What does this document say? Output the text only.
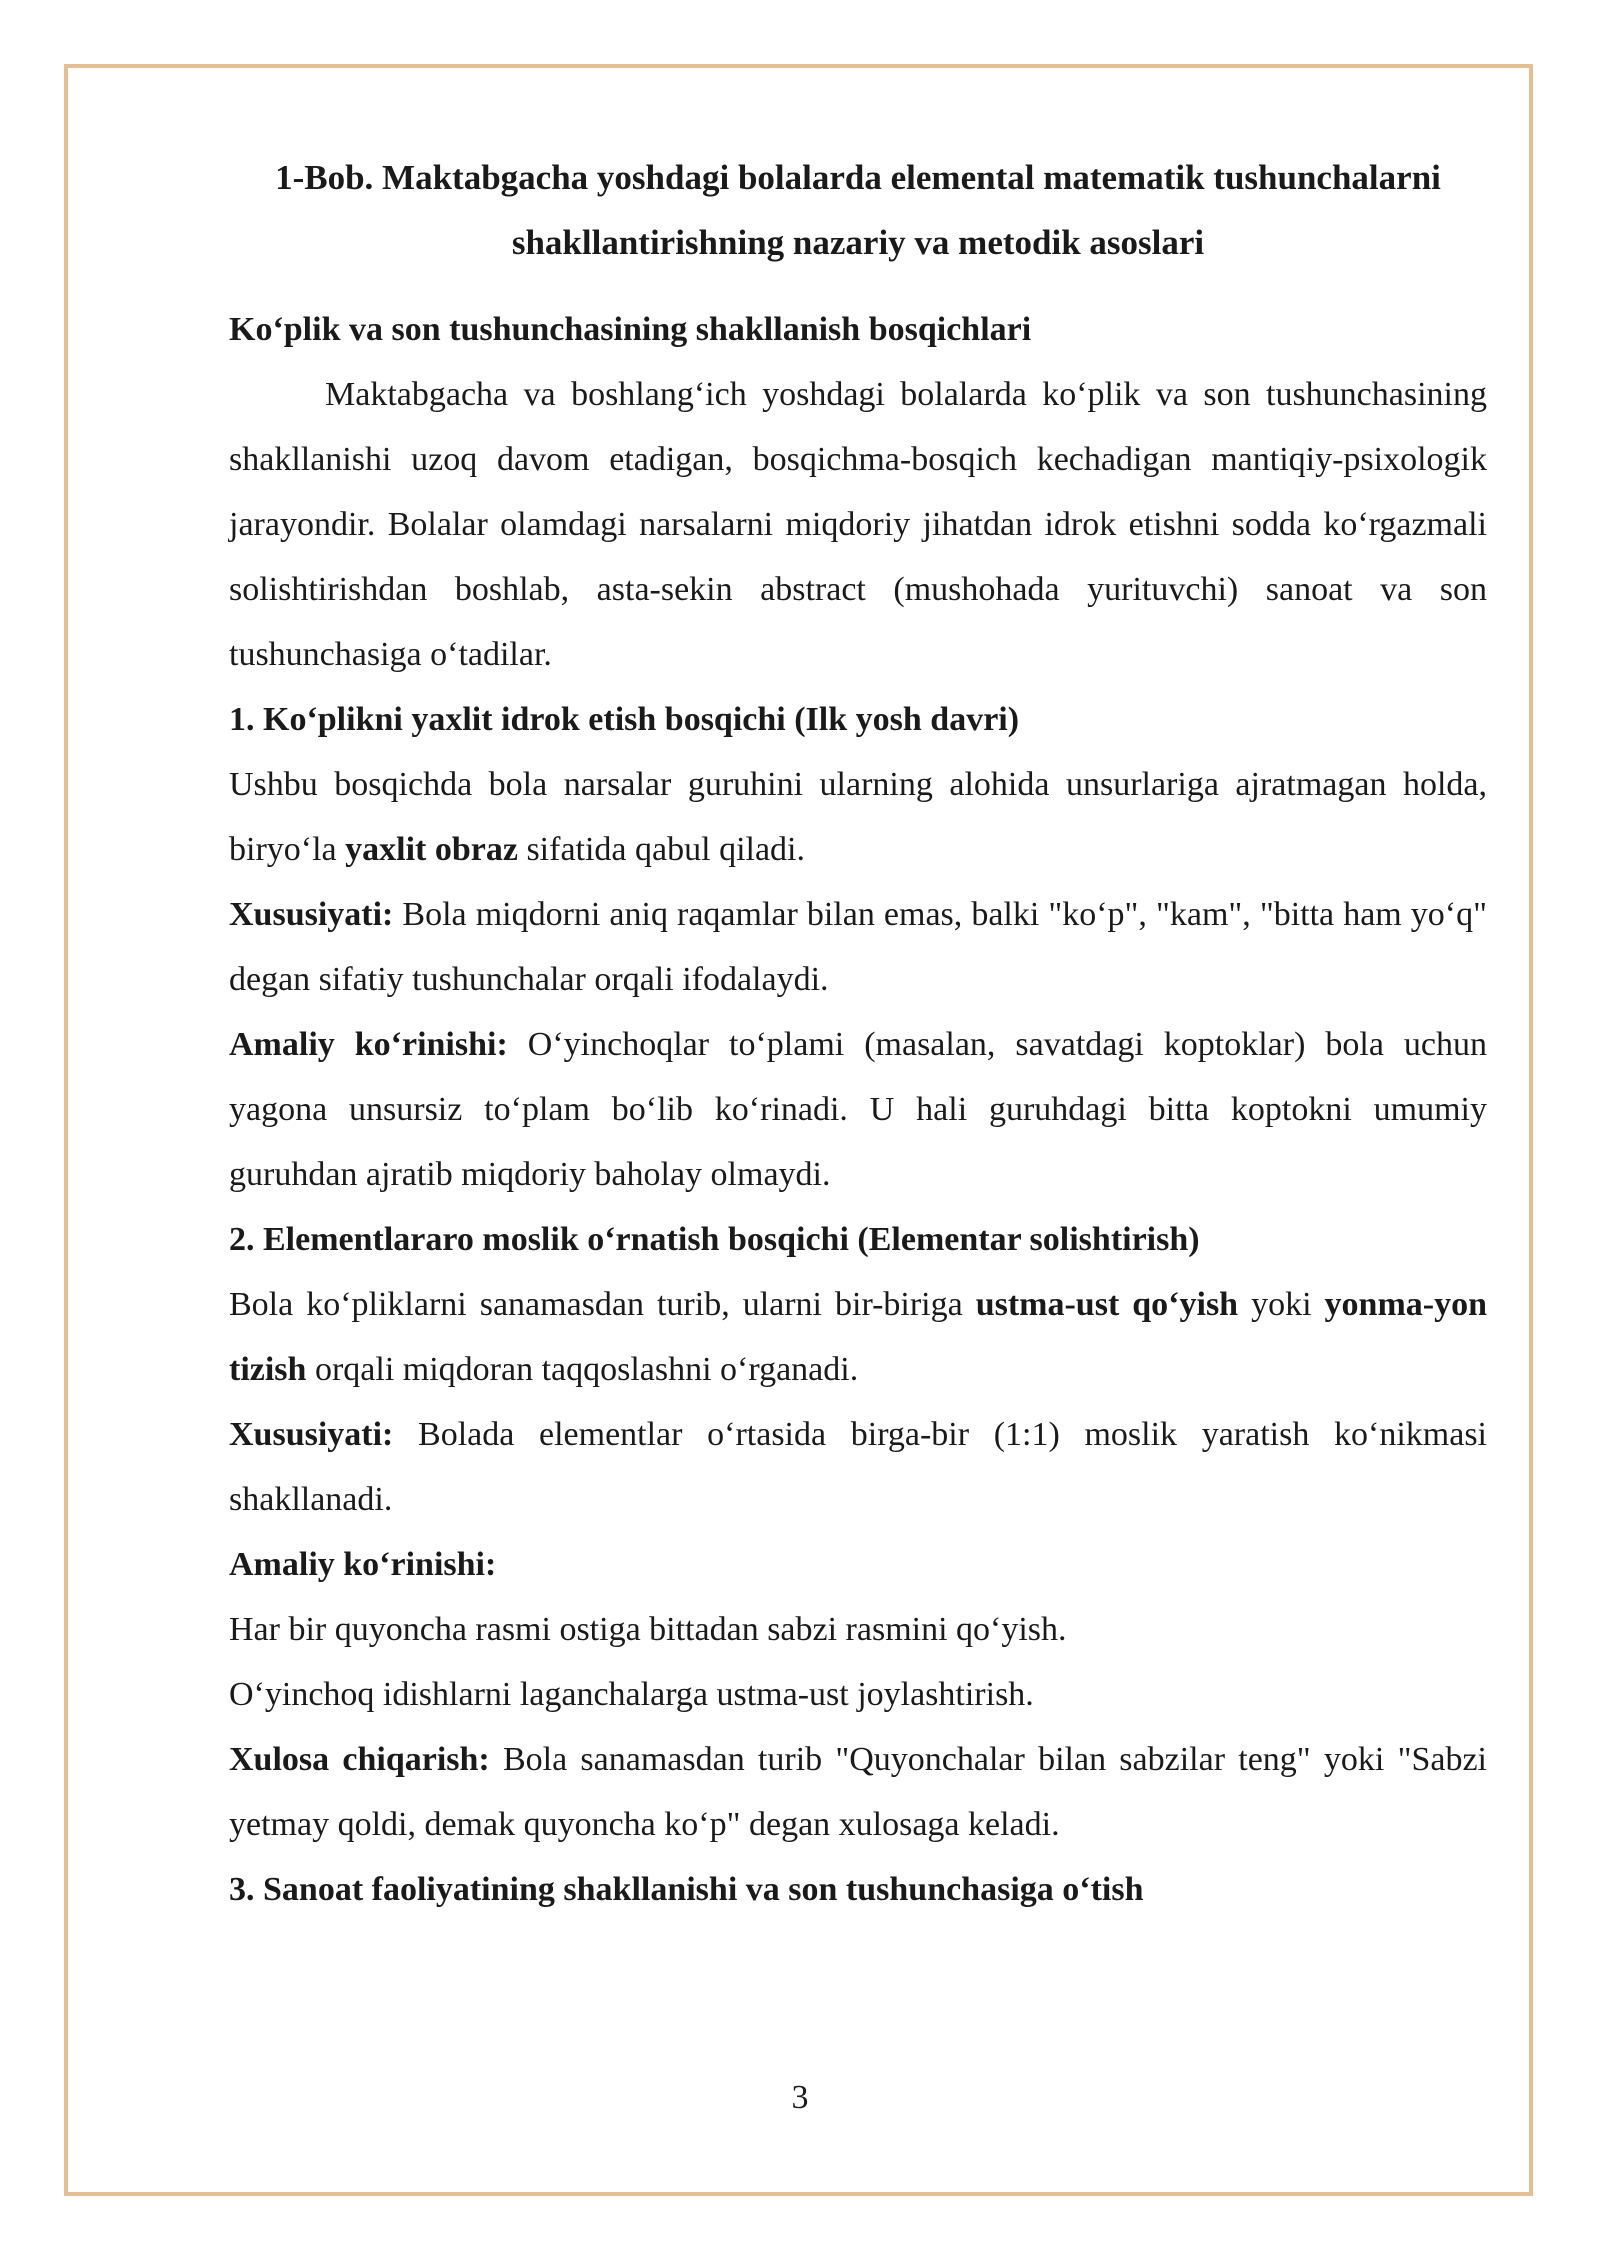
1-Bob. Maktabgacha yoshdagi bolalarda elemental matematik tushunchalarni
shakllantirishning nazariy va metodik asoslari

Ko‘plik va son tushunchasining shakllanish bosqichlari

Maktabgacha va boshlang‘ich yoshdagi bolalarda ko‘plik va son tushunchasining shakllanishi uzoq davom etadigan, bosqichma-bosqich kechadigan mantiqiy-psixologik jarayondir. Bolalar olamdagi narsalarni miqdoriy jihatdan idrok etishni sodda ko‘rgazmali solishtirishdan boshlab, asta-sekin abstract (mushohada yurituvchi) sanoat va son tushunchasiga o‘tadilar.

1. Ko‘plikni yaxlit idrok etish bosqichi (Ilk yosh davri)

Ushbu bosqichda bola narsalar guruhini ularning alohida unsurlariga ajratmagan holda, biryo‘la yaxlit obraz sifatida qabul qiladi.

Xususiyati: Bola miqdorni aniq raqamlar bilan emas, balki "ko‘p", "kam", "bitta ham yo‘q" degan sifatiy tushunchalar orqali ifodalaydi.

Amaliy ko‘rinishi: O‘yinchoqlar to‘plami (masalan, savatdagi koptoklar) bola uchun yagona unsursiz to‘plam bo‘lib ko‘rinadi. U hali guruhdagi bitta koptokni umumiy guruhdan ajratib miqdoriy baholay olmaydi.

2. Elementlararo moslik o‘rnatish bosqichi (Elementar solishtirish)

Bola ko‘pliklarni sanamasdan turib, ularni bir-biriga ustma-ust qo‘yish yoki yonma-yon tizish orqali miqdoran taqqoslashni o‘rganadi.

Xususiyati: Bolada elementlar o‘rtasida birga-bir (1:1) moslik yaratish ko‘nikmasi shakllanadi.

Amaliy ko‘rinishi:

Har bir quyoncha rasmi ostiga bittadan sabzi rasmini qo‘yish.

O‘yinchoq idishlarni laganchalarga ustma-ust joylashtirish.

Xulosa chiqarish: Bola sanamasdan turib "Quyonchalar bilan sabzilar teng" yoki "Sabzi yetmay qoldi, demak quyoncha ko‘p" degan xulosaga keladi.

3. Sanoat faoliyatining shakllanishi va son tushunchasiga o‘tish

3
